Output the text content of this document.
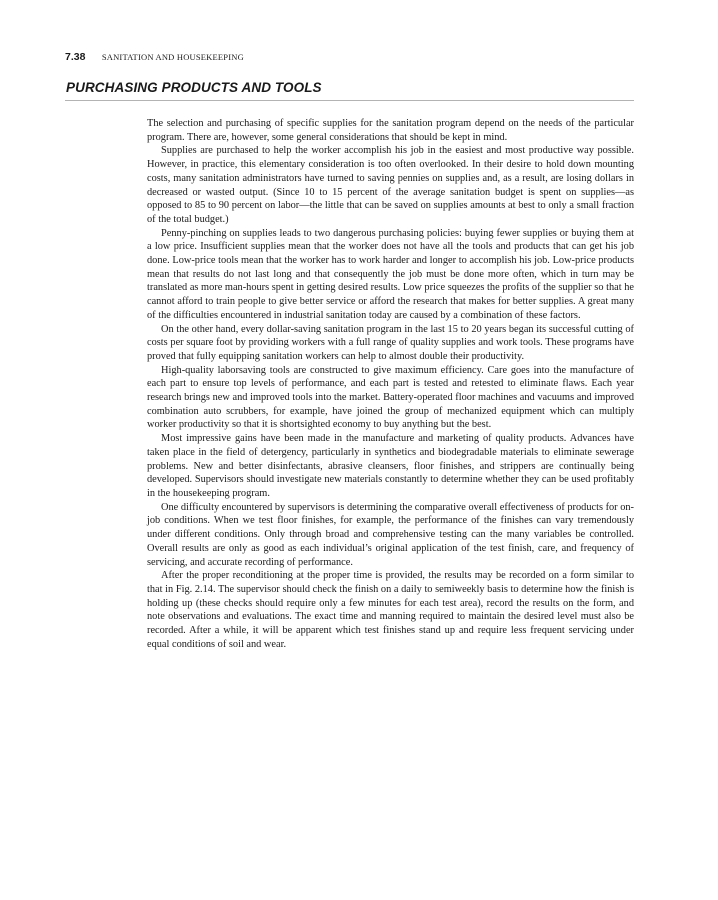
7.38 SANITATION AND HOUSEKEEPING
PURCHASING PRODUCTS AND TOOLS

The selection and purchasing of specific supplies for the sanitation program depend on the needs of the particular program. There are, however, some general considerations that should be kept in mind.

Supplies are purchased to help the worker accomplish his job in the easiest and most productive way possible. However, in practice, this elementary consideration is too often overlooked. In their desire to hold down mounting costs, many sanitation administrators have turned to saving pennies on supplies and, as a result, are losing dollars in decreased or wasted output. (Since 10 to 15 percent of the average sanitation budget is spent on supplies—as opposed to 85 to 90 percent on labor—the little that can be saved on supplies amounts at best to only a small fraction of the total budget.)

Penny-pinching on supplies leads to two dangerous purchasing policies: buying fewer supplies or buying them at a low price. Insufficient supplies mean that the worker does not have all the tools and products that can get his job done. Low-price tools mean that the worker has to work harder and longer to accomplish his job. Low-price products mean that results do not last long and that consequently the job must be done more often, which in turn may be translated as more man-hours spent in getting desired results. Low price squeezes the profits of the supplier so that he cannot afford to train people to give better service or afford the research that makes for better supplies. A great many of the difficulties encountered in industrial sanitation today are caused by a combination of these factors.

On the other hand, every dollar-saving sanitation program in the last 15 to 20 years began its successful cutting of costs per square foot by providing workers with a full range of quality supplies and work tools. These programs have proved that fully equipping sanitation workers can help to almost double their productivity.

High-quality laborsaving tools are constructed to give maximum efficiency. Care goes into the manufacture of each part to ensure top levels of performance, and each part is tested and retested to eliminate flaws. Each year research brings new and improved tools into the market. Battery-operated floor machines and vacuums and improved combination auto scrubbers, for example, have joined the group of mechanized equipment which can multiply worker productivity so that it is shortsighted economy to buy anything but the best.

Most impressive gains have been made in the manufacture and marketing of quality products. Advances have taken place in the field of detergency, particularly in synthetics and biodegradable materials to eliminate sewerage problems. New and better disinfectants, abrasive cleansers, floor finishes, and strippers are continually being developed. Supervisors should investigate new materials constantly to determine whether they can be used profitably in the housekeeping program.

One difficulty encountered by supervisors is determining the comparative overall effectiveness of products for on-job conditions. When we test floor finishes, for example, the performance of the finishes can vary tremendously under different conditions. Only through broad and comprehensive testing can the many variables be controlled. Overall results are only as good as each individual’s original application of the test finish, care, and frequency of servicing, and accurate recording of performance.

After the proper reconditioning at the proper time is provided, the results may be recorded on a form similar to that in Fig. 2.14. The supervisor should check the finish on a daily to semiweekly basis to determine how the finish is holding up (these checks should require only a few minutes for each test area), record the results on the form, and note observations and evaluations. The exact time and manning required to maintain the desired level must also be recorded. After a while, it will be apparent which test finishes stand up and require less frequent servicing under equal conditions of soil and wear.
